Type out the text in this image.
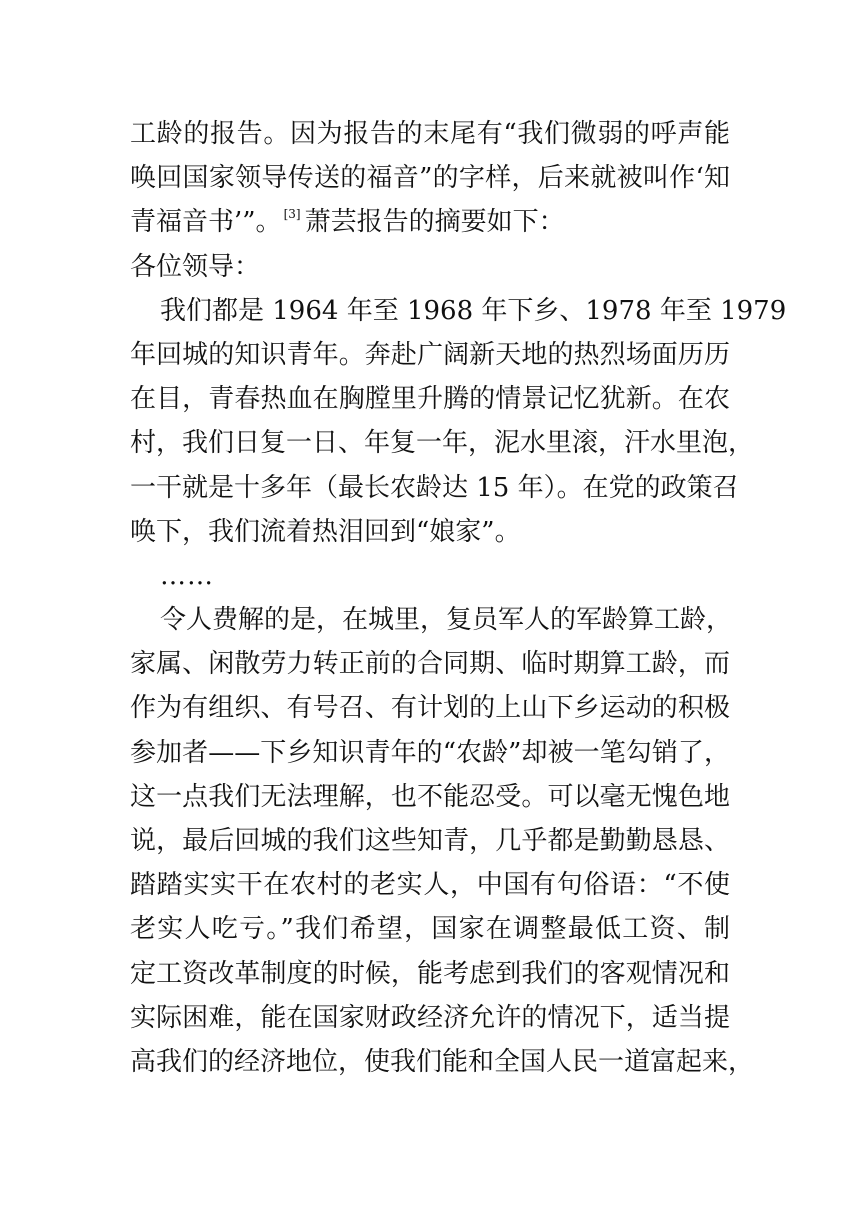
工龄的报告。因为报告的末尾有“我们微弱的呼声能
唤回国家领导传送的福音”的字样，后来就被叫作‘知
青福音书’”。 [3] 萧芸报告的摘要如下：
各位领导：
我们都是 1964 年至 1968 年下乡、1978 年至 1979
年回城的知识青年。奔赴广阔新天地的热烈场面历历
在目，青春热血在胸膛里升腾的情景记忆犹新。在农
村，我们日复一日、年复一年，泥水里滚，汗水里泡，
一干就是十多年（最长农龄达 15 年）。在党的政策召
唤下，我们流着热泪回到“娘家”。
……
令人费解的是，在城里，复员军人的军龄算工龄，
家属、闲散劳力转正前的合同期、临时期算工龄，而
作为有组织、有号召、有计划的上山下乡运动的积极
参加者——下乡知识青年的“农龄”却被一笔勾销了，
这一点我们无法理解，也不能忍受。可以毫无愧色地
说，最后回城的我们这些知青，几乎都是勤勤恳恳、
踏踏实实干在农村的老实人，中国有句俗语：“不使
老实人吃亏。”我们希望，国家在调整最低工资、制
定工资改革制度的时候，能考虑到我们的客观情况和
实际困难，能在国家财政经济允许的情况下，适当提
高我们的经济地位，使我们能和全国人民一道富起来，
